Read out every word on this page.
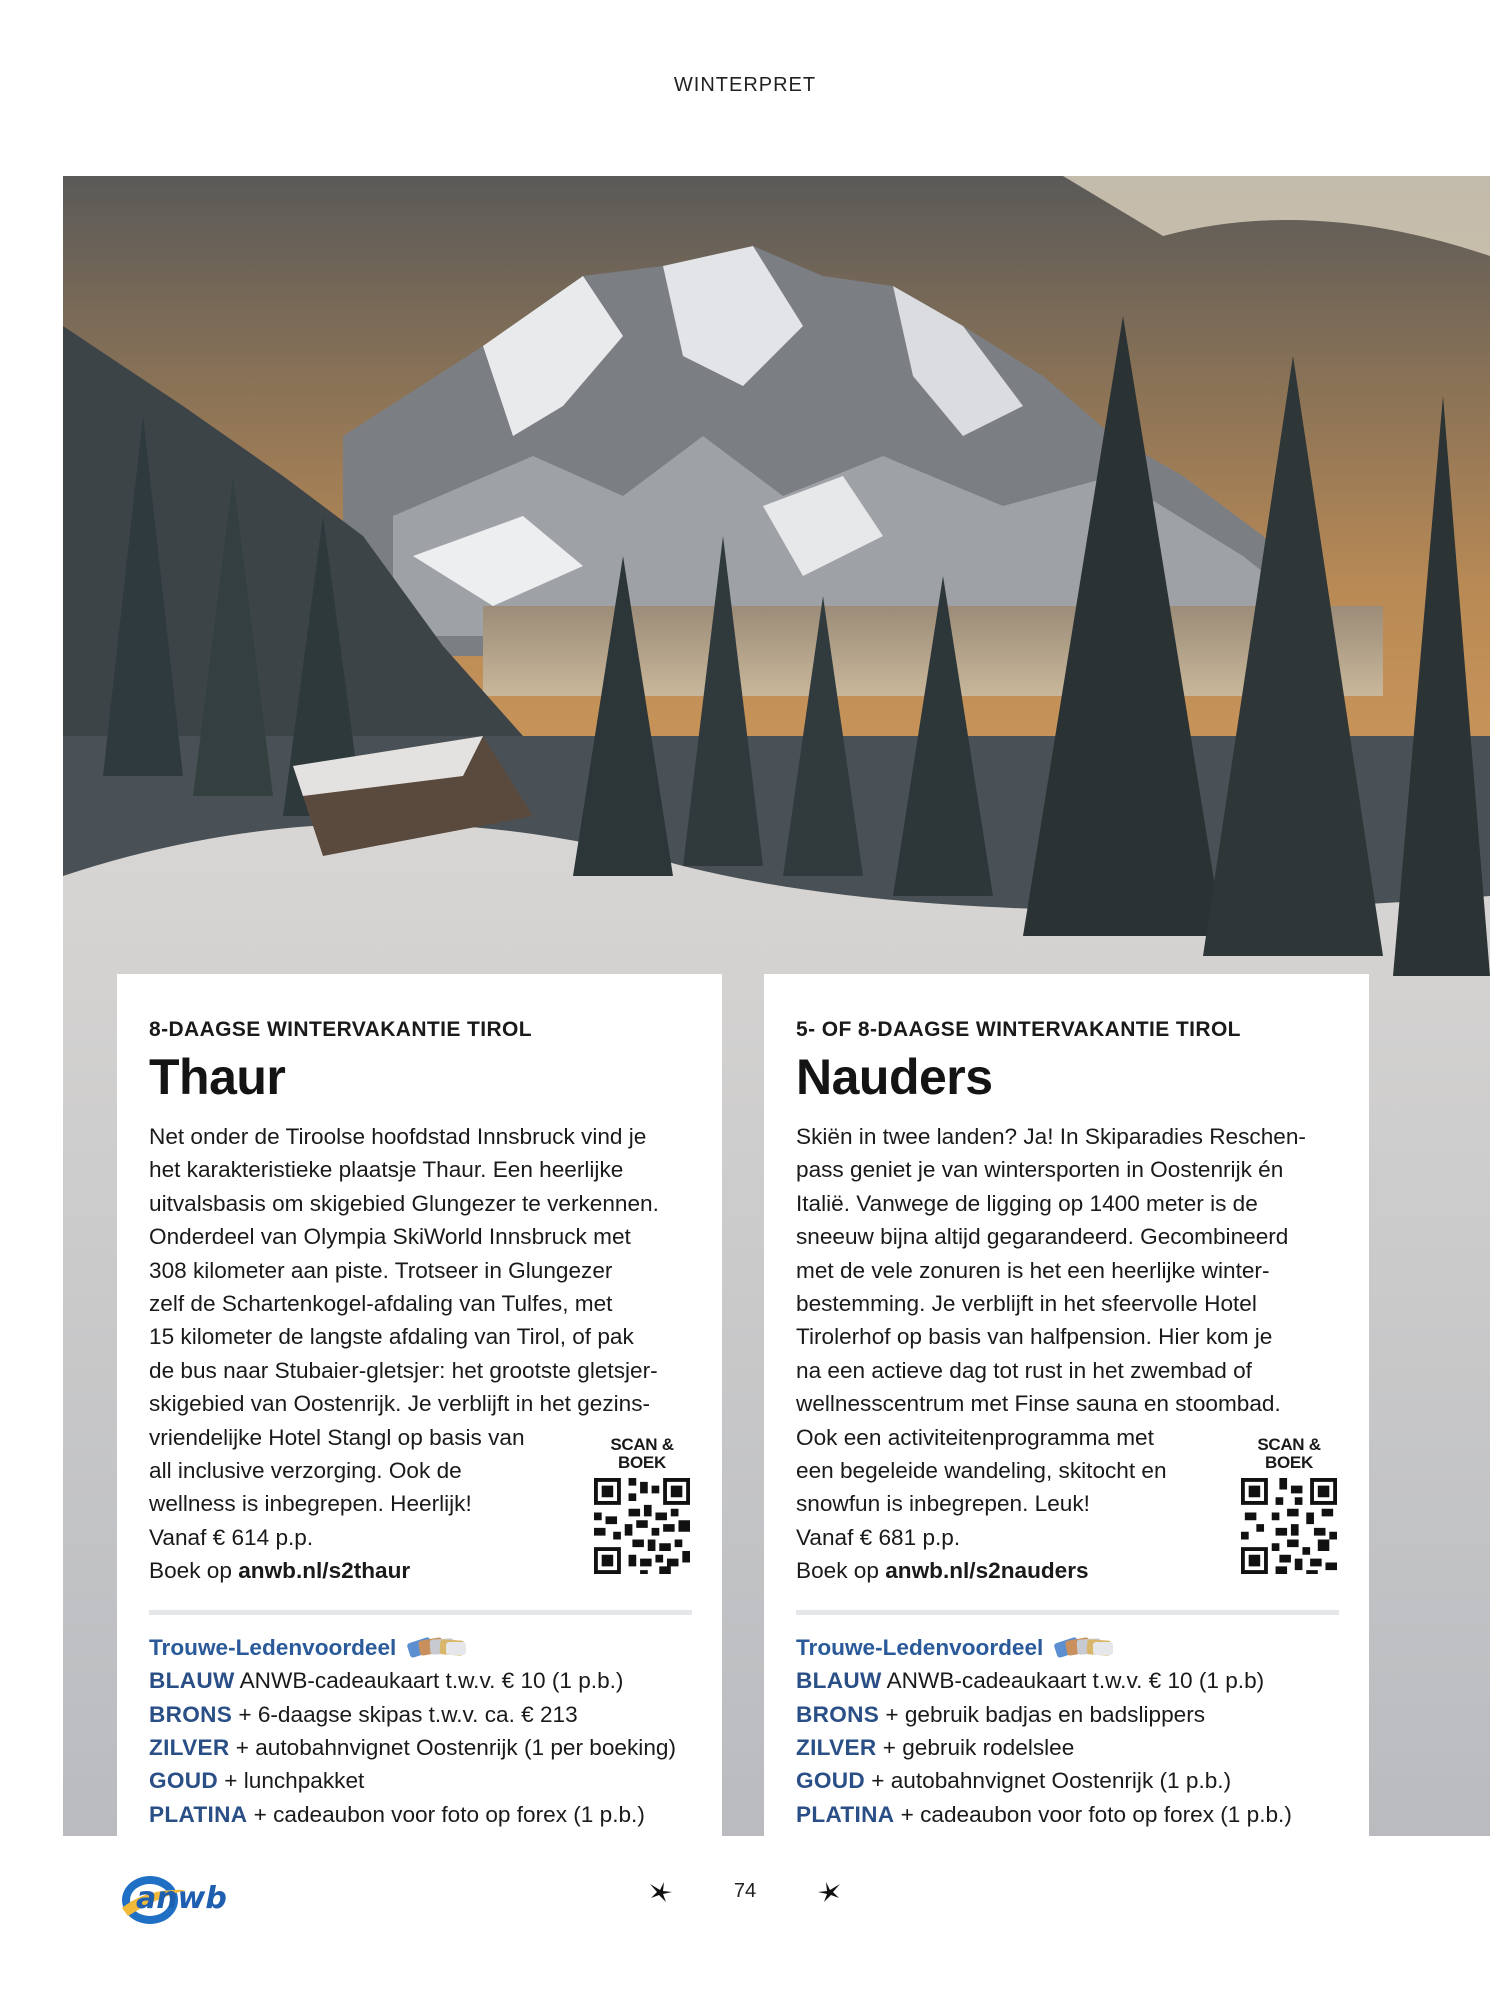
WINTERPRET
8-DAAGSE WINTERVAKANTIE TIROL
Thaur

Net onder de Tiroolse hoofdstad Innsbruck vind je

het karakteristieke plaatsje Thaur. Een heerlijke

uitvalsbasis om skigebied Glungezer te verkennen.

Onderdeel van Olympia SkiWorld Innsbruck met

308 kilometer aan piste. Trotseer in Glungezer

zelf de Schartenkogel-afdaling van Tulfes, met

15 kilometer de langste afdaling van Tirol, of pak

de bus naar Stubaier-gletsjer: het grootste gletsjer-

skigebied van Oostenrijk. Je verblijft in het gezins-

vriendelijke Hotel Stangl op basis van

all inclusive verzorging. Ook de

wellness is inbegrepen. Heerlijk!

Vanaf € 614 p.p.

Boek op anwb.nl/s2thaur

SCAN &
BOEK
Trouwe-Ledenvoordeel
BLAUW ANWB-cadeaukaart t.w.v. € 10 (1 p.b.)
BRONS + 6-daagse skipas t.w.v. ca. € 213
ZILVER + autobahnvignet Oostenrijk (1 per boeking)
GOUD + lunchpakket
PLATINA + cadeaubon voor foto op forex (1 p.b.)
5- OF 8-DAAGSE WINTERVAKANTIE TIROL
Nauders

Skiën in twee landen? Ja! In Skiparadies Reschen-

pass geniet je van wintersporten in Oostenrijk én

Italië. Vanwege de ligging op 1400 meter is de

sneeuw bijna altijd gegarandeerd. Gecombineerd

met de vele zonuren is het een heerlijke winter-

bestemming. Je verblijft in het sfeervolle Hotel

Tirolerhof op basis van halfpension. Hier kom je

na een actieve dag tot rust in het zwembad of

wellnesscentrum met Finse sauna en stoombad.

Ook een activiteitenprogramma met

een begeleide wandeling, skitocht en

snowfun is inbegrepen. Leuk!

Vanaf € 681 p.p.

Boek op anwb.nl/s2nauders

SCAN &
BOEK
Trouwe-Ledenvoordeel
BLAUW ANWB-cadeaukaart t.w.v. € 10 (1 p.b)
BRONS + gebruik badjas en badslippers
ZILVER + gebruik rodelslee
GOUD + autobahnvignet Oostenrijk (1 p.b.)
PLATINA + cadeaubon voor foto op forex (1 p.b.)
anwb	74
